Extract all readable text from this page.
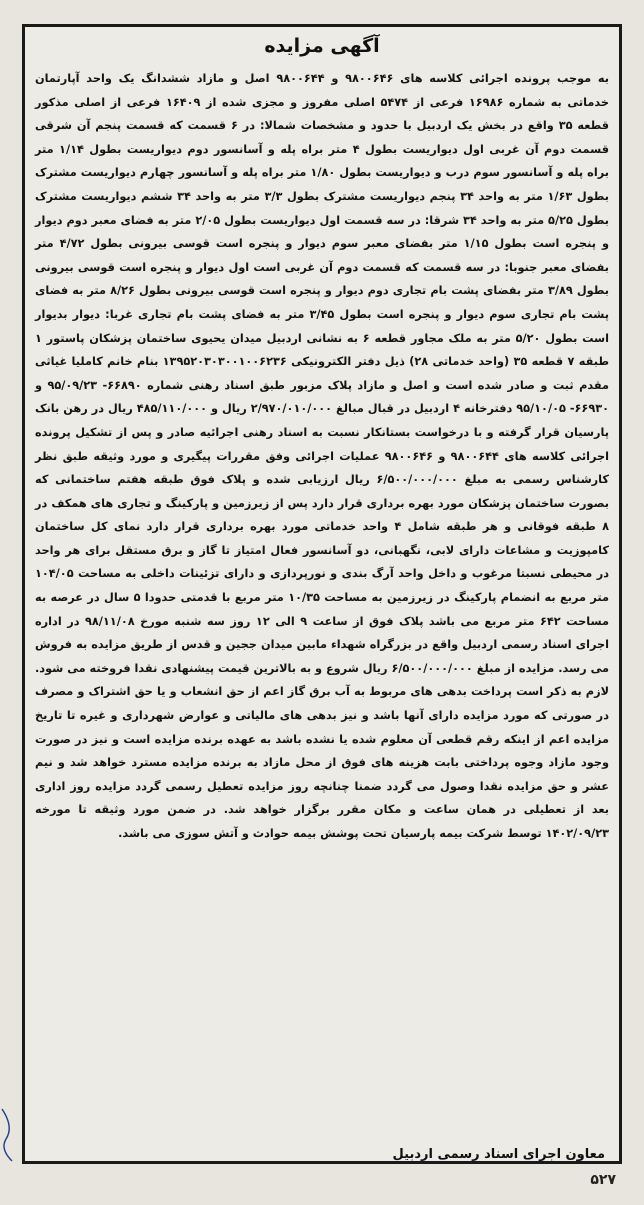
آگهی مزایده

به موجب پرونده اجرائی کلاسه های ۹۸۰۰۶۴۶ و ۹۸۰۰۶۴۴ اصل و مازاد ششدانگ یک واحد آپارتمان خدماتی به شماره ۱۶۹۸۶ فرعی از ۵۴۷۴ اصلی مفروز و مجزی شده از ۱۶۴۰۹ فرعی از اصلی مذکور قطعه ۳۵ واقع در بخش یک اردبیل با حدود و مشخصات شمالا: در ۶ قسمت که قسمت پنجم آن شرقی قسمت دوم آن غربی اول دیواریست بطول ۴ متر براه پله و آسانسور دوم دیواریست بطول ۱/۱۴ متر براه پله و آسانسور سوم درب و دیواریست بطول ۱/۸۰ متر براه پله و آسانسور چهارم دیواریست مشترک بطول ۱/۶۳ متر به واحد ۳۴ پنجم دیواریست مشترک بطول ۳/۳ متر به واحد ۳۴ ششم دیواریست مشترک بطول ۵/۲۵ متر به واحد ۳۴ شرقا: در سه قسمت اول دیواریست بطول ۲/۰۵ متر به فضای معبر دوم دیوار و پنجره است بطول ۱/۱۵ متر بفضای معبر سوم دیوار و پنجره است قوسی بیرونی بطول ۴/۷۲ متر بفضای معبر جنوبا: در سه قسمت که قسمت دوم آن غربی است اول دیوار و پنجره است قوسی بیرونی بطول ۳/۸۹ متر بفضای پشت بام تجاری دوم دیوار و پنجره است قوسی بیرونی بطول ۸/۲۶ متر به فضای پشت بام تجاری سوم دیوار و پنجره است بطول ۳/۴۵ متر به فضای پشت بام تجاری غربا: دیوار بدیوار است بطول ۵/۲۰ متر به ملک مجاور قطعه ۶ به نشانی اردبیل میدان یحیوی ساختمان پزشکان پاستور ۱ طبقه ۷ قطعه ۳۵ (واحد خدماتی ۲۸) ذیل دفتر الکترونیکی ۱۳۹۵۲۰۳۰۳۰۰۱۰۰۶۲۳۶ بنام خانم کاملیا غیاثی مقدم ثبت و صادر شده است و اصل و مازاد پلاک مزبور طبق اسناد رهنی شماره ۶۶۸۹۰- ۹۵/۰۹/۲۳ و ۶۶۹۳۰- ۹۵/۱۰/۰۵ دفترخانه ۴ اردبیل در قبال مبالغ ۲/۹۷۰/۰۱۰/۰۰۰ ریال و ۴۸۵/۱۱۰/۰۰۰ ریال در رهن بانک پارسیان قرار گرفته و با درخواست بستانکار نسبت به اسناد رهنی اجرائیه صادر و پس از تشکیل پرونده اجرائی کلاسه های ۹۸۰۰۶۴۴ و ۹۸۰۰۶۴۶ عملیات اجرائی وفق مقررات پیگیری و مورد وثیقه طبق نظر کارشناس رسمی به مبلغ ۶/۵۰۰/۰۰۰/۰۰۰ ریال ارزیابی شده و پلاک فوق طبقه هفتم ساختمانی که بصورت ساختمان پزشکان مورد بهره برداری قرار دارد پس از زیرزمین و پارکینگ و تجاری های همکف در ۸ طبقه فوقانی و هر طبقه شامل ۴ واحد خدماتی مورد بهره برداری قرار دارد نمای کل ساختمان کامپوزیت و مشاعات دارای لابی، نگهبانی، دو آسانسور فعال امتیاز تا گاز و برق مستقل برای هر واحد در محیطی نسبتا مرغوب و داخل واحد آرگ بندی و نورپردازی و دارای تزئینات داخلی به مساحت ۱۰۴/۰۵ متر مربع به انضمام پارکینگ در زیرزمین به مساحت ۱۰/۳۵ متر مربع با قدمتی حدودا ۵ سال در عرصه به مساحت ۶۴۲ متر مربع می باشد پلاک فوق از ساعت ۹ الی ۱۲ روز سه شنبه مورخ ۹۸/۱۱/۰۸ در اداره اجرای اسناد رسمی اردبیل واقع در بزرگراه شهداء مابین میدان ججین و قدس از طریق مزایده به فروش می رسد. مزایده از مبلغ ۶/۵۰۰/۰۰۰/۰۰۰ ریال شروع و به بالاترین قیمت پیشنهادی نقدا فروخته می شود. لازم به ذکر است پرداخت بدهی های مربوط به آب برق گاز اعم از حق انشعاب و یا حق اشتراک و مصرف در صورتی که مورد مزایده دارای آنها باشد و نیز بدهی های مالیاتی و عوارض شهرداری و غیره تا تاریخ مزایده اعم از اینکه رقم قطعی آن معلوم شده یا نشده باشد به عهده برنده مزایده است و نیز در صورت وجود مازاد وجوه پرداختی بابت هزینه های فوق از محل مازاد به برنده مزایده مسترد خواهد شد و نیم عشر و حق مزایده نقدا وصول می گردد ضمنا چنانچه روز مزایده تعطیل رسمی گردد مزایده روز اداری بعد از تعطیلی در همان ساعت و مکان مقرر برگزار خواهد شد. در ضمن مورد وثیقه تا مورخه ۱۴۰۲/۰۹/۲۳ توسط شرکت بیمه پارسیان تحت پوشش بیمه حوادث و آتش سوزی می باشد.

معاون اجرای اسناد رسمی اردبیل
۵۲۷
